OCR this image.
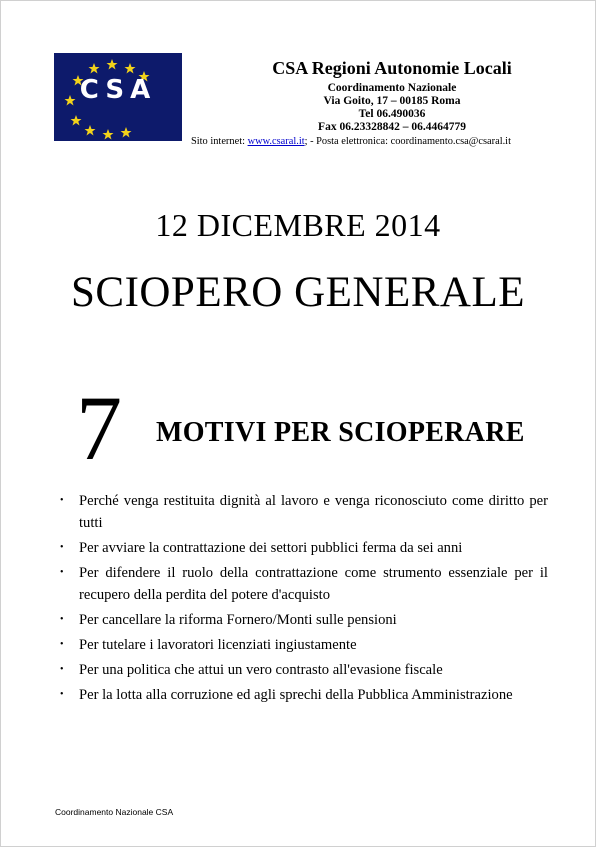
CSA
CSA Regioni Autonomie Locali
Coordinamento Nazionale
Via Goito, 17 – 00185 Roma
Tel 06.490036
Fax 06.23328842 – 06.4464779
Sito internet: www.csaral.it; - Posta elettronica: coordinamento.csa@csaral.it
12 DICEMBRE 2014
SCIOPERO GENERALE
7 MOTIVI PER SCIOPERARE
• Perché venga restituita dignità al lavoro e venga riconosciuto come diritto per tutti
• Per avviare la contrattazione dei settori pubblici ferma da sei anni
• Per difendere il ruolo della contrattazione come strumento essenziale per il recupero della perdita del potere d'acquisto
• Per cancellare la riforma Fornero/Monti sulle pensioni
• Per tutelare i lavoratori licenziati ingiustamente
• Per una politica che attui un vero contrasto all'evasione fiscale
• Per la lotta alla corruzione ed agli sprechi della Pubblica Amministrazione
Coordinamento Nazionale CSA
